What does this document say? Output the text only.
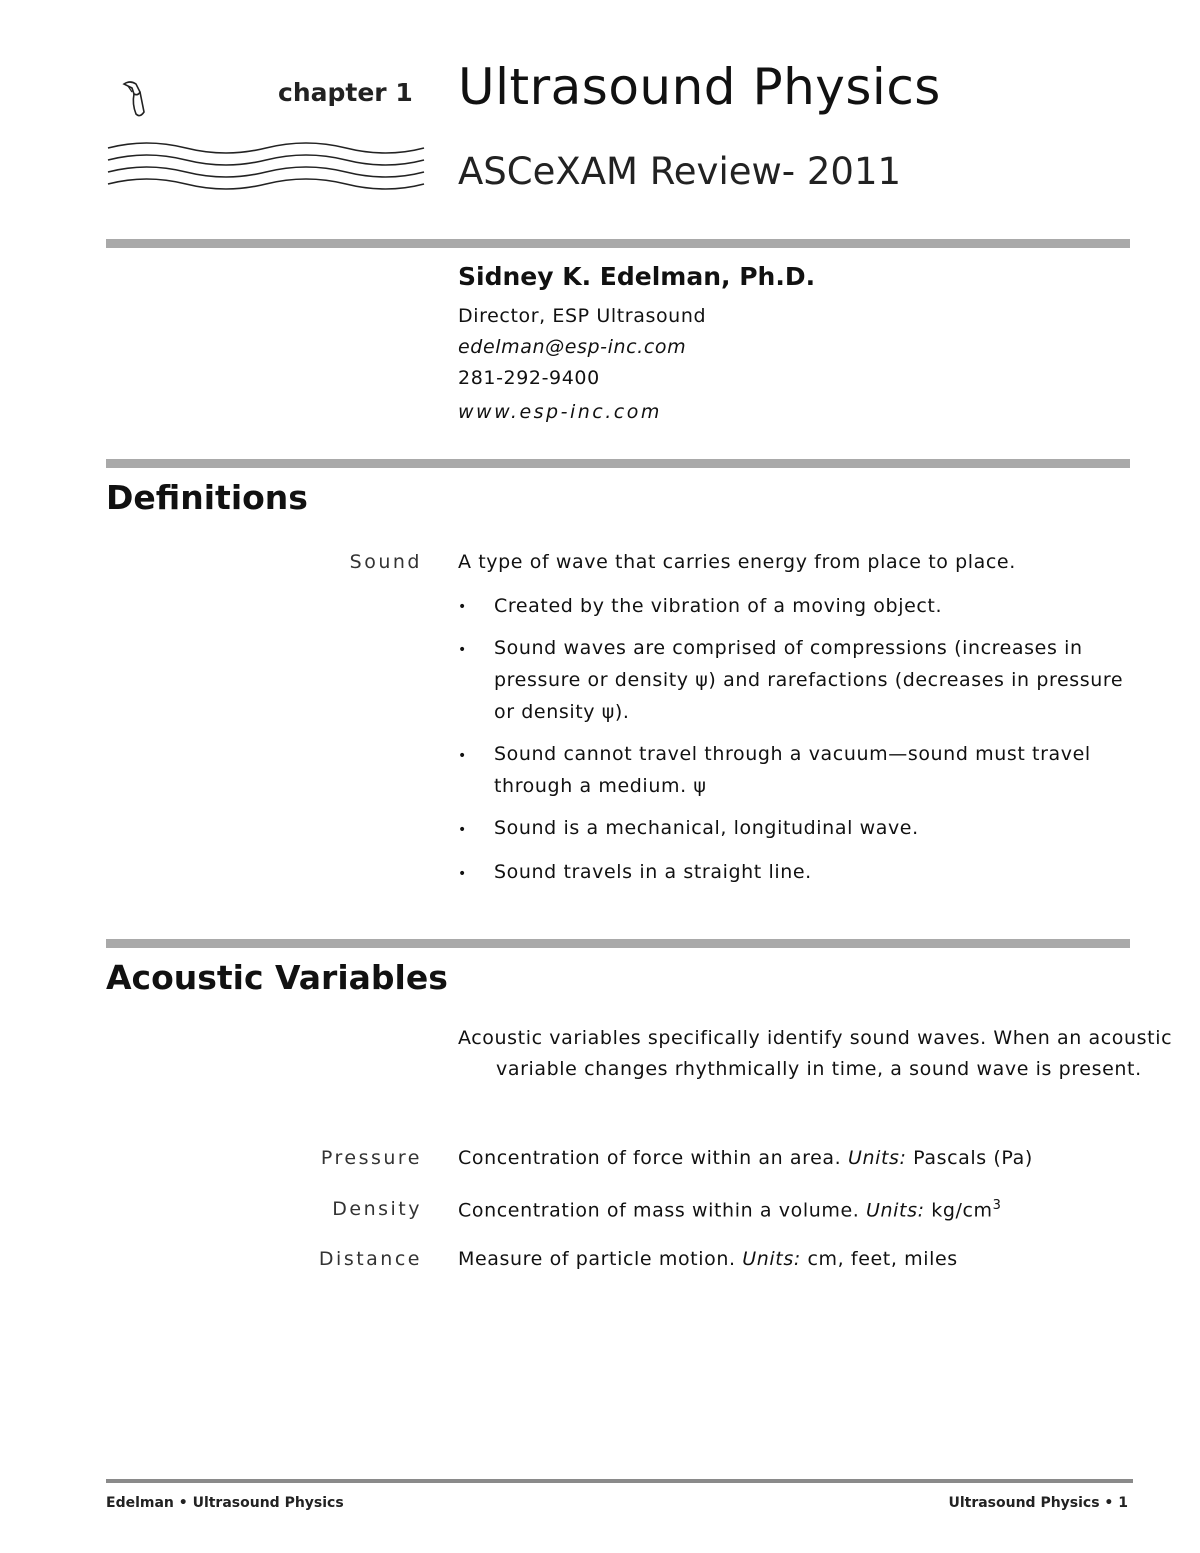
chapter 1 Ultrasound Physics
ASCeXAM Review- 2011
Sidney K. Edelman, Ph.D.
Director, ESP Ultrasound
edelman@esp-inc.com
281-292-9400
www.esp-inc.com
Definitions
Sound A type of wave that carries energy from place to place.
• Created by the vibration of a moving object.
• Sound waves are comprised of compressions (increases in pressure or density ψ) and rarefactions (decreases in pressure or density ψ).
• Sound cannot travel through a vacuum—sound must travel through a medium. ψ
• Sound is a mechanical, longitudinal wave.
• Sound travels in a straight line.
Acoustic Variables
Acoustic variables specifically identify sound waves. When an acoustic variable changes rhythmically in time, a sound wave is present.
Pressure Concentration of force within an area. Units: Pascals (Pa)
Density Concentration of mass within a volume. Units: $kg/cm^3$
Distance Measure of particle motion. Units: cm, feet, miles
Edelman • Ultrasound Physics	Ultrasound Physics • 1
